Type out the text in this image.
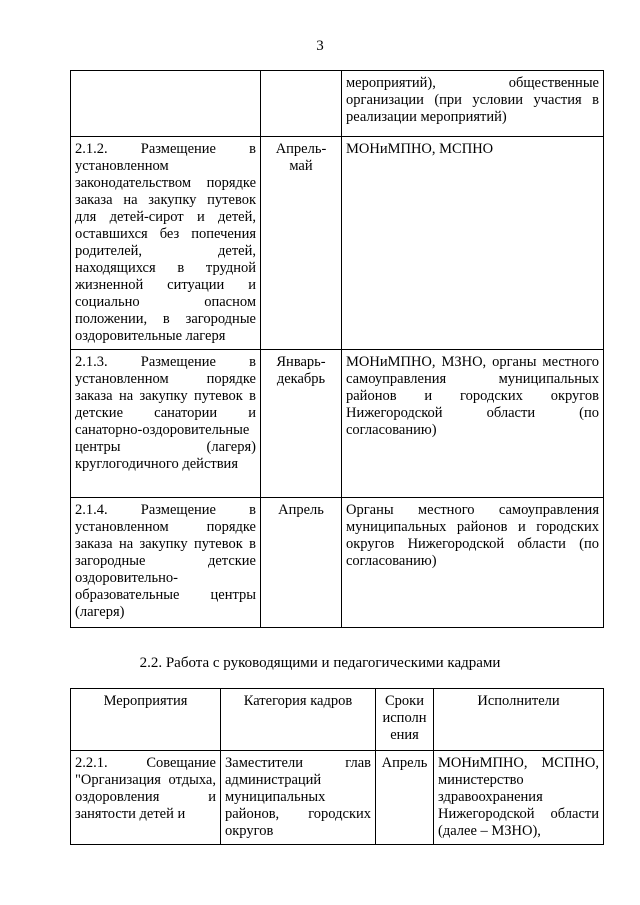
3
		мероприятий), общественные организации (при условии участия в реализации мероприятий)
2.1.2. Размещение в установленном законодательством порядке заказа на закупку путевок для детей-сирот и детей, оставшихся без попечения родителей, детей, находящихся в трудной жизненной ситуации и социально опасном положении, в загородные оздоровительные лагеря	Апрель-май	МОНиМПНО, МСПНО
2.1.3. Размещение в установленном порядке заказа на закупку путевок в детские санатории и санаторно-оздоровительные центры (лагеря) круглогодичного действия	Январь-декабрь	МОНиМПНО, МЗНО, органы местного самоуправления муниципальных районов и городских округов Нижегородской области (по согласованию)
2.1.4. Размещение в установленном порядке заказа на закупку путевок в загородные детские оздоровительно-образовательные центры (лагеря)	Апрель	Органы местного самоуправления муниципальных районов и городских округов Нижегородской области (по согласованию)
2.2. Работа с руководящими и педагогическими кадрами
Мероприятия	Категория кадров	Сроки исполнения	Исполнители
2.2.1. Совещание "Организация отдыха, оздоровления и занятости детей и	Заместители глав администраций муниципальных районов, городских округов	Апрель	МОНиМПНО, МСПНО, министерство здравоохранения Нижегородской области (далее – МЗНО),
